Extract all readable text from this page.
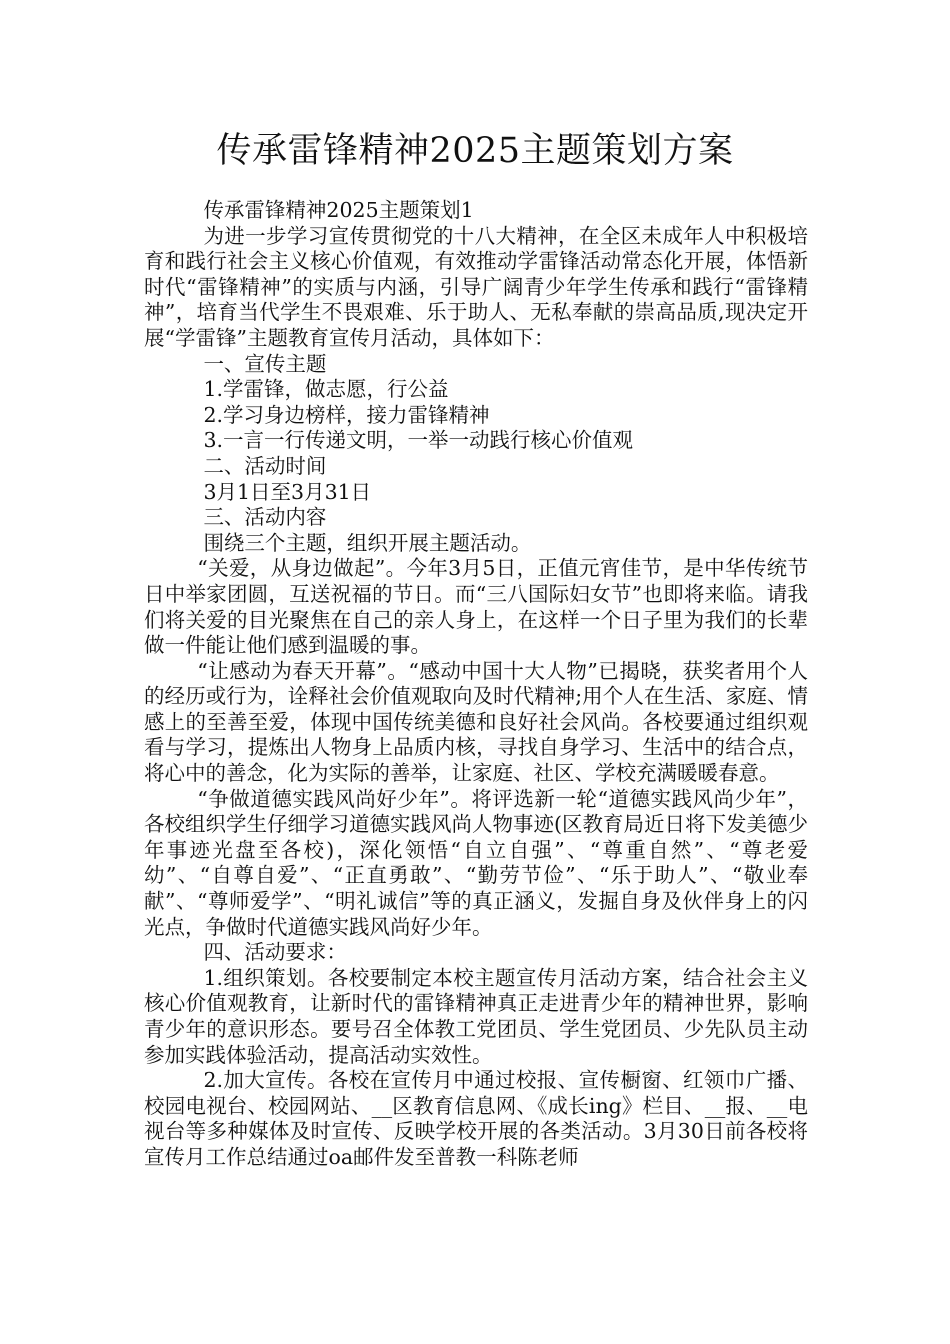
传承雷锋精神2025主题策划方案

传承雷锋精神2025主题策划1

为进一步学习宣传贯彻党的十八大精神，在全区未成年人中积极培育和践行社会主义核心价值观，有效推动学雷锋活动常态化开展，体悟新时代“雷锋精神”的实质与内涵，引导广阔青少年学生传承和践行“雷锋精神”，培育当代学生不畏艰难、乐于助人、无私奉献的崇高品质,现决定开展“学雷锋”主题教育宣传月活动，具体如下：

一、宣传主题

1.学雷锋，做志愿，行公益

2.学习身边榜样，接力雷锋精神

3.一言一行传递文明，一举一动践行核心价值观

二、活动时间

3月1日至3月31日

三、活动内容

围绕三个主题，组织开展主题活动。

“关爱，从身边做起”。今年3月5日，正值元宵佳节，是中华传统节日中举家团圆，互送祝福的节日。而“三八国际妇女节”也即将来临。请我们将关爱的目光聚焦在自己的亲人身上，在这样一个日子里为我们的长辈做一件能让他们感到温暖的事。

“让感动为春天开幕”。“感动中国十大人物”已揭晓，获奖者用个人的经历或行为，诠释社会价值观取向及时代精神;用个人在生活、家庭、情感上的至善至爱，体现中国传统美德和良好社会风尚。各校要通过组织观看与学习，提炼出人物身上品质内核，寻找自身学习、生活中的结合点，将心中的善念，化为实际的善举，让家庭、社区、学校充满暖暖春意。

“争做道德实践风尚好少年”。将评选新一轮“道德实践风尚少年”，各校组织学生仔细学习道德实践风尚人物事迹(区教育局近日将下发美德少年事迹光盘至各校)，深化领悟“自立自强”、“尊重自然”、“尊老爱幼”、“自尊自爱”、“正直勇敢”、“勤劳节俭”、“乐于助人”、“敬业奉献”、“尊师爱学”、“明礼诚信”等的真正涵义，发掘自身及伙伴身上的闪光点，争做时代道德实践风尚好少年。

四、活动要求：

1.组织策划。各校要制定本校主题宣传月活动方案，结合社会主义核心价值观教育，让新时代的雷锋精神真正走进青少年的精神世界，影响青少年的意识形态。要号召全体教工党团员、学生党团员、少先队员主动参加实践体验活动，提高活动实效性。

2.加大宣传。各校在宣传月中通过校报、宣传橱窗、红领巾广播、校园电视台、校园网站、__区教育信息网、《成长ing》栏目、__报、__电视台等多种媒体及时宣传、反映学校开展的各类活动。3月30日前各校将宣传月工作总结通过oa邮件发至普教一科陈老师
